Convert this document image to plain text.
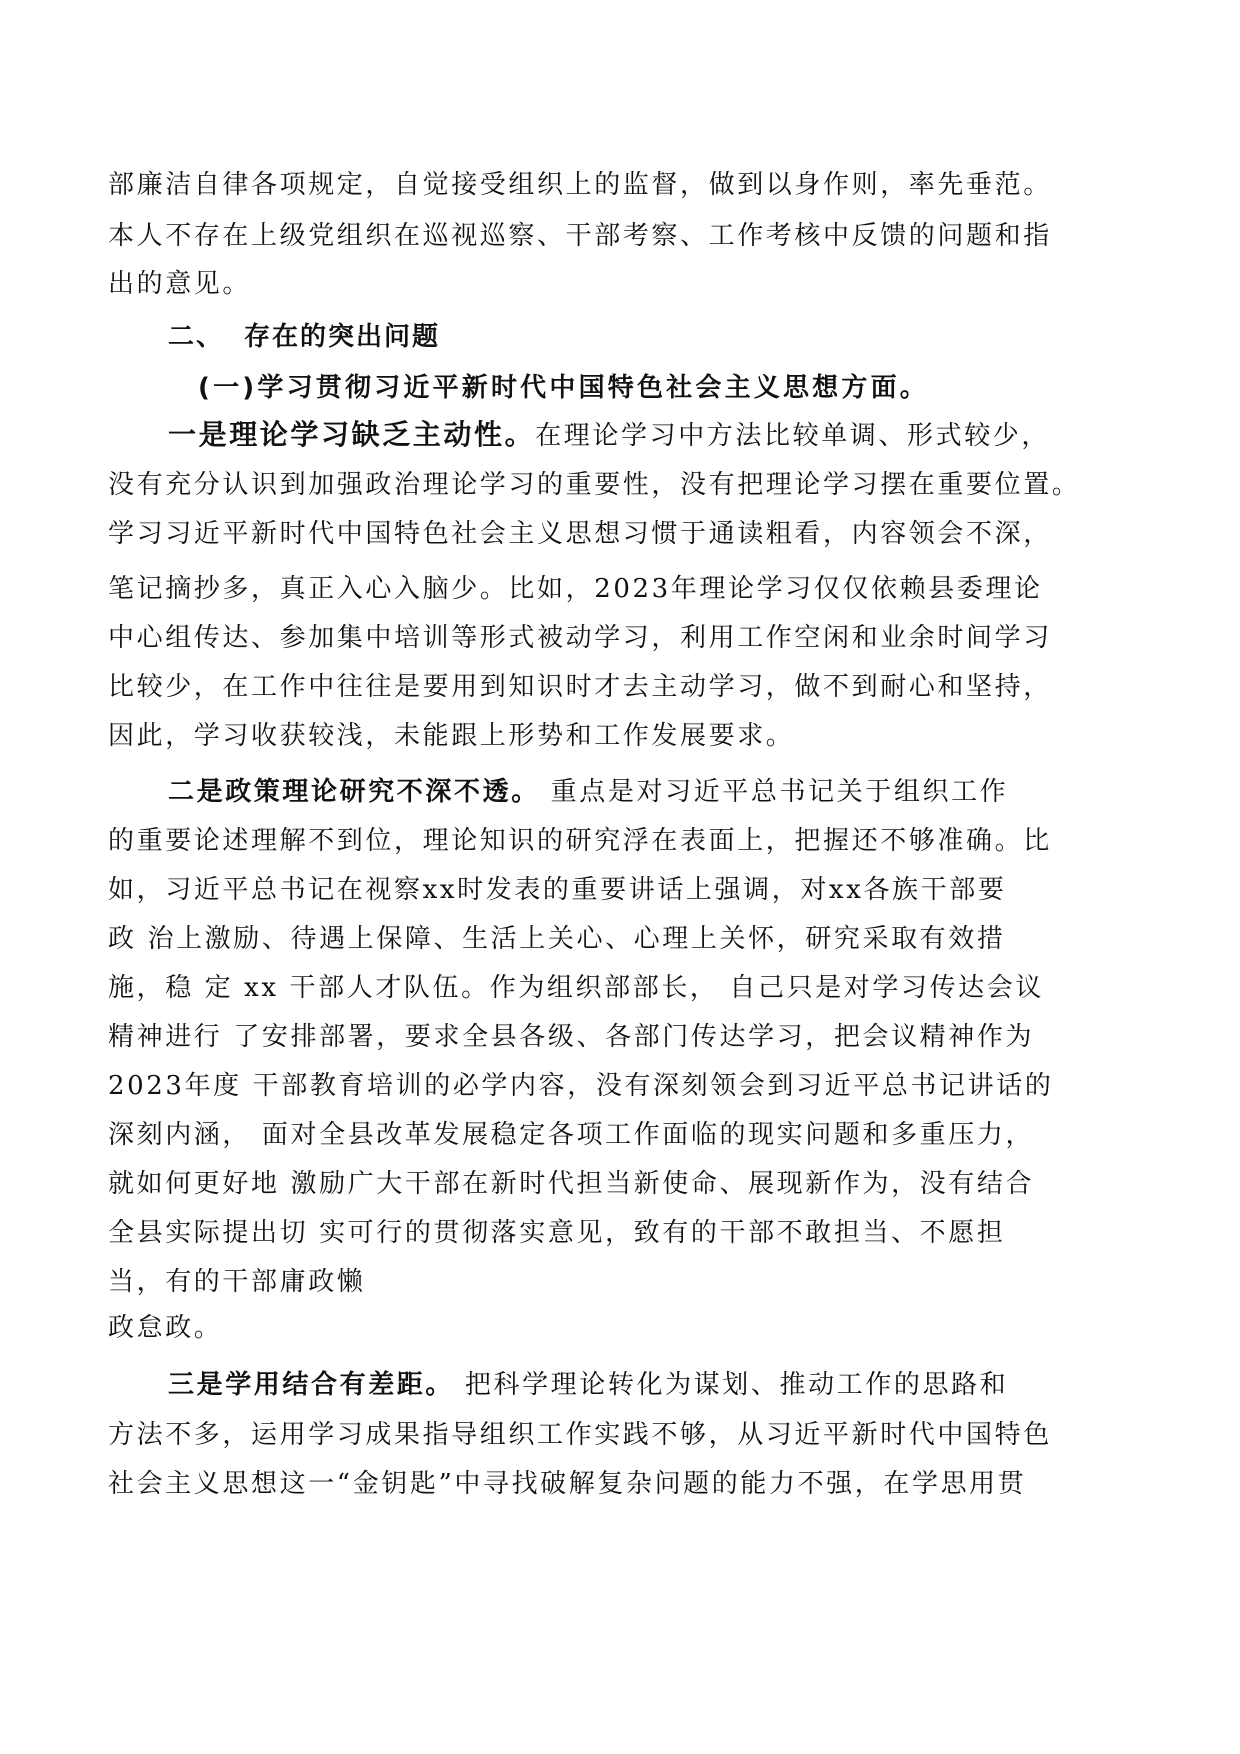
部廉洁自律各项规定，自觉接受组织上的监督，做到以身作则，率先垂范。
本人不存在上级党组织在巡视巡察、干部考察、工作考核中反馈的问题和指
出的意见。
二、 存在的突出问题
(一)学习贯彻习近平新时代中国特色社会主义思想方面。
一是理论学习缺乏主动性。在理论学习中方法比较单调、形式较少，
没有充分认识到加强政治理论学习的重要性，没有把理论学习摆在重要位置。
学习习近平新时代中国特色社会主义思想习惯于通读粗看，内容领会不深，
笔记摘抄多，真正入心入脑少。比如，2023年理论学习仅仅依赖县委理论
中心组传达、参加集中培训等形式被动学习，利用工作空闲和业余时间学习
比较少，在工作中往往是要用到知识时才去主动学习，做不到耐心和坚持，
因此，学习收获较浅，未能跟上形势和工作发展要求。
二是政策理论研究不深不透。 重点是对习近平总书记关于组织工作
的重要论述理解不到位，理论知识的研究浮在表面上，把握还不够准确。比
如，习近平总书记在视察xx时发表的重要讲话上强调，对xx各族干部要
政 治上激励、待遇上保障、生活上关心、心理上关怀，研究采取有效措
施，稳 定 xx 干部人才队伍。作为组织部部长， 自己只是对学习传达会议
精神进行 了安排部署，要求全县各级、各部门传达学习，把会议精神作为
2023年度 干部教育培训的必学内容，没有深刻领会到习近平总书记讲话的
深刻内涵， 面对全县改革发展稳定各项工作面临的现实问题和多重压力，
就如何更好地 激励广大干部在新时代担当新使命、展现新作为，没有结合
全县实际提出切 实可行的贯彻落实意见，致有的干部不敢担当、不愿担
当，有的干部庸政懒
政怠政。
三是学用结合有差距。 把科学理论转化为谋划、推动工作的思路和
方法不多，运用学习成果指导组织工作实践不够，从习近平新时代中国特色
社会主义思想这一“金钥匙”中寻找破解复杂问题的能力不强，在学思用贯
